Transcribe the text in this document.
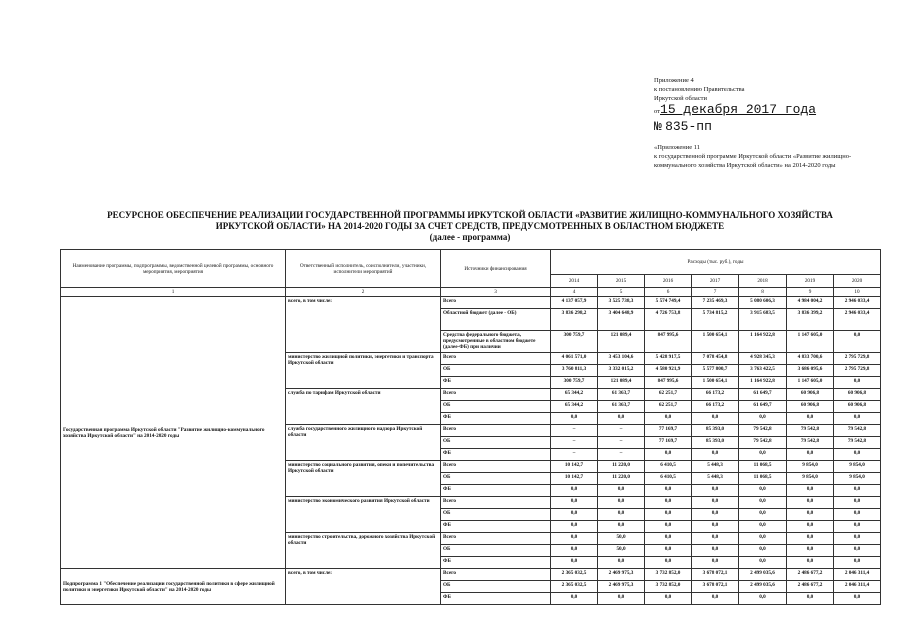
Приложение 4
к постановлению Правительства
Иркутской области
от15 декабря 2017 года
№ 835-пп
«Приложение 11
к государственной программе Иркутской области «Развитие жилищно-коммунального хозяйства Иркутской области» на 2014-2020 годы
РЕСУРСНОЕ ОБЕСПЕЧЕНИЕ РЕАЛИЗАЦИИ ГОСУДАРСТВЕННОЙ ПРОГРАММЫ ИРКУТСКОЙ ОБЛАСТИ «РАЗВИТИЕ ЖИЛИЩНО-КОММУНАЛЬНОГО ХОЗЯЙСТВА
ИРКУТСКОЙ ОБЛАСТИ» НА 2014-2020 ГОДЫ ЗА СЧЕТ СРЕДСТВ, ПРЕДУСМОТРЕННЫХ В ОБЛАСТНОМ БЮДЖЕТЕ
(далее - программа)
Наименование программы, подпрограммы, ведомственной целевой программы, основного мероприятия, мероприятия	Ответственный исполнитель, соисполнители, участники, исполнители мероприятий	Источники финансирования	Расходы (тыс. руб.), годы						
			2014	2015	2016	2017	2018	2019	2020
1	2	3	4	5	6	7	8	9	10
Государственная программа Иркутской области "Развитие жилищно-коммунального хозяйства Иркутской области" на 2014-2020 годы	всего, в том числе:	Всего	4 137 057,9	3 525 738,3	5 574 749,4	7 235 469,3	5 080 606,3	4 984 004,2	2 946 033,4
		Областной бюджет (далее - ОБ)	3 836 298,2	3 404 648,9	4 726 753,8	5 734 815,2	3 915 683,5	3 836 399,2	2 946 033,4
		Средства федерального бюджета, предусмотренные в областном бюджете (далее-ФБ) при наличии	300 759,7	121 089,4	847 995,6	1 500 654,1	1 164 922,8	1 147 605,0	0,0
	министерство жилищной политики, энергетики и транспорта Иркутской области	Всего	4 061 571,0	3 453 104,6	5 428 917,5	7 078 454,8	4 928 345,3	4 833 700,6	2 795 729,8
		ОБ	3 760 811,3	3 332 015,2	4 580 921,9	5 577 800,7	3 763 422,5	3 686 095,6	2 795 729,8
		ФБ	300 759,7	121 089,4	847 995,6	1 500 654,1	1 164 922,8	1 147 605,0	0,0
	служба по тарифам Иркутской области	Всего	65 344,2	61 363,7	62 251,7	66 173,2	61 649,7	60 906,8	60 906,8
		ОБ	65 344,2	61 363,7	62 251,7	66 173,2	61 649,7	60 906,8	60 906,8
		ФБ	0,0	0,0	0,0	0,0	0,0	0,0	0,0
	служба государственного жилищного надзора Иркутской области	Всего	–	–	77 169,7	85 393,0	79 542,8	79 542,8	79 542,8
		ОБ	–	–	77 169,7	85 393,0	79 542,8	79 542,8	79 542,8
		ФБ	–	–	0,0	0,0	0,0	0,0	0,0
	министерство социального развития, опеки и попечительства Иркутской области	Всего	10 142,7	11 220,0	6 410,5	5 448,3	11 068,5	9 854,0	9 854,0
		ОБ	10 142,7	11 220,0	6 410,5	5 448,3	11 068,5	9 854,0	9 854,0
		ФБ	0,0	0,0	0,0	0,0	0,0	0,0	0,0
	министерство экономического развития Иркутской области	Всего	0,0	0,0	0,0	0,0	0,0	0,0	0,0
		ОБ	0,0	0,0	0,0	0,0	0,0	0,0	0,0
		ФБ	0,0	0,0	0,0	0,0	0,0	0,0	0,0
	министерство строительства, дорожного хозяйства Иркутской области	Всего	0,0	50,0	0,0	0,0	0,0	0,0	0,0
		ОБ	0,0	50,0	0,0	0,0	0,0	0,0	0,0
		ФБ	0,0	0,0	0,0	0,0	0,0	0,0	0,0
Подпрограмма 1 "Обеспечение реализации государственной политики в сфере жилищной политики и энергетики Иркутской области" на 2014-2020 годы	всего, в том числе:	Всего	2 365 032,5	2 469 975,3	3 732 852,0	3 678 072,1	2 499 035,6	2 486 677,2	2 046 311,4
		ОБ	2 365 032,5	2 469 975,3	3 732 852,0	3 678 072,1	2 499 035,6	2 486 677,2	2 046 311,4
		ФБ	0,0	0,0	0,0	0,0	0,0	0,0	0,0
